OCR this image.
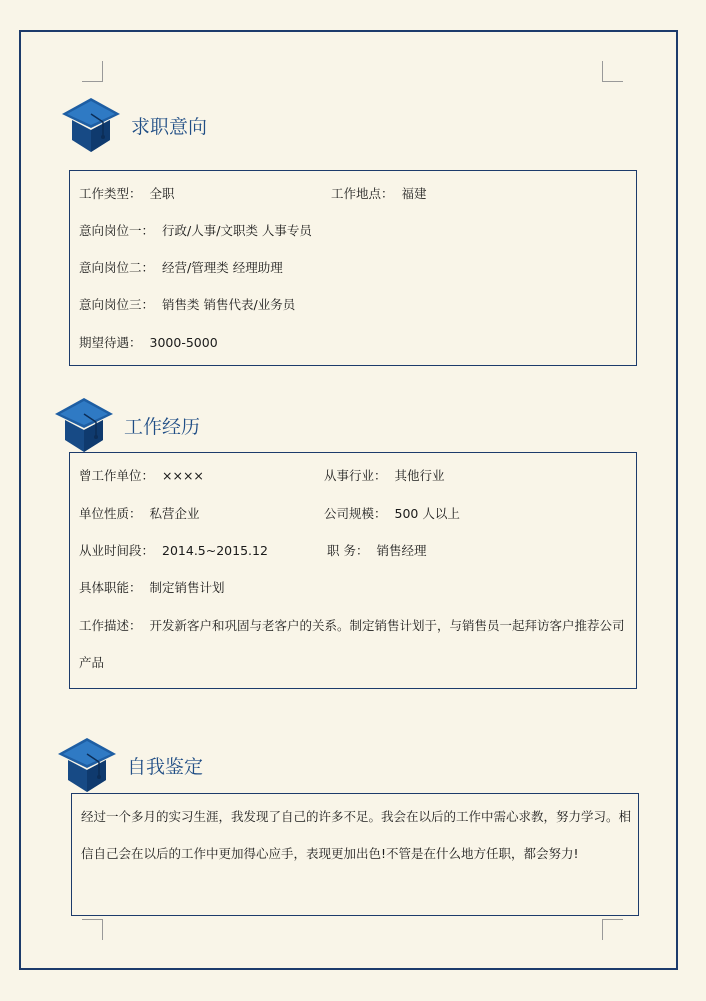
求职意向
工作类型： 全职	工作地点： 福建
意向岗位一： 行政/人事/文职类 人事专员
意向岗位二： 经营/管理类 经理助理
意向岗位三： 销售类 销售代表/业务员
期望待遇： 3000-5000
工作经历
曾工作单位： ××××	从事行业： 其他行业
单位性质： 私营企业	公司规模： 500 人以上
从业时间段： 2014.5~2015.12	职 务： 销售经理
具体职能： 制定销售计划
工作描述： 开发新客户和巩固与老客户的关系。制定销售计划于，与销售员一起拜访客户推荐公司产品
自我鉴定
经过一个多月的实习生涯，我发现了自己的许多不足。我会在以后的工作中需心求教，努力学习。相信自己会在以后的工作中更加得心应手，表现更加出色!不管是在什么地方任职，都会努力!
